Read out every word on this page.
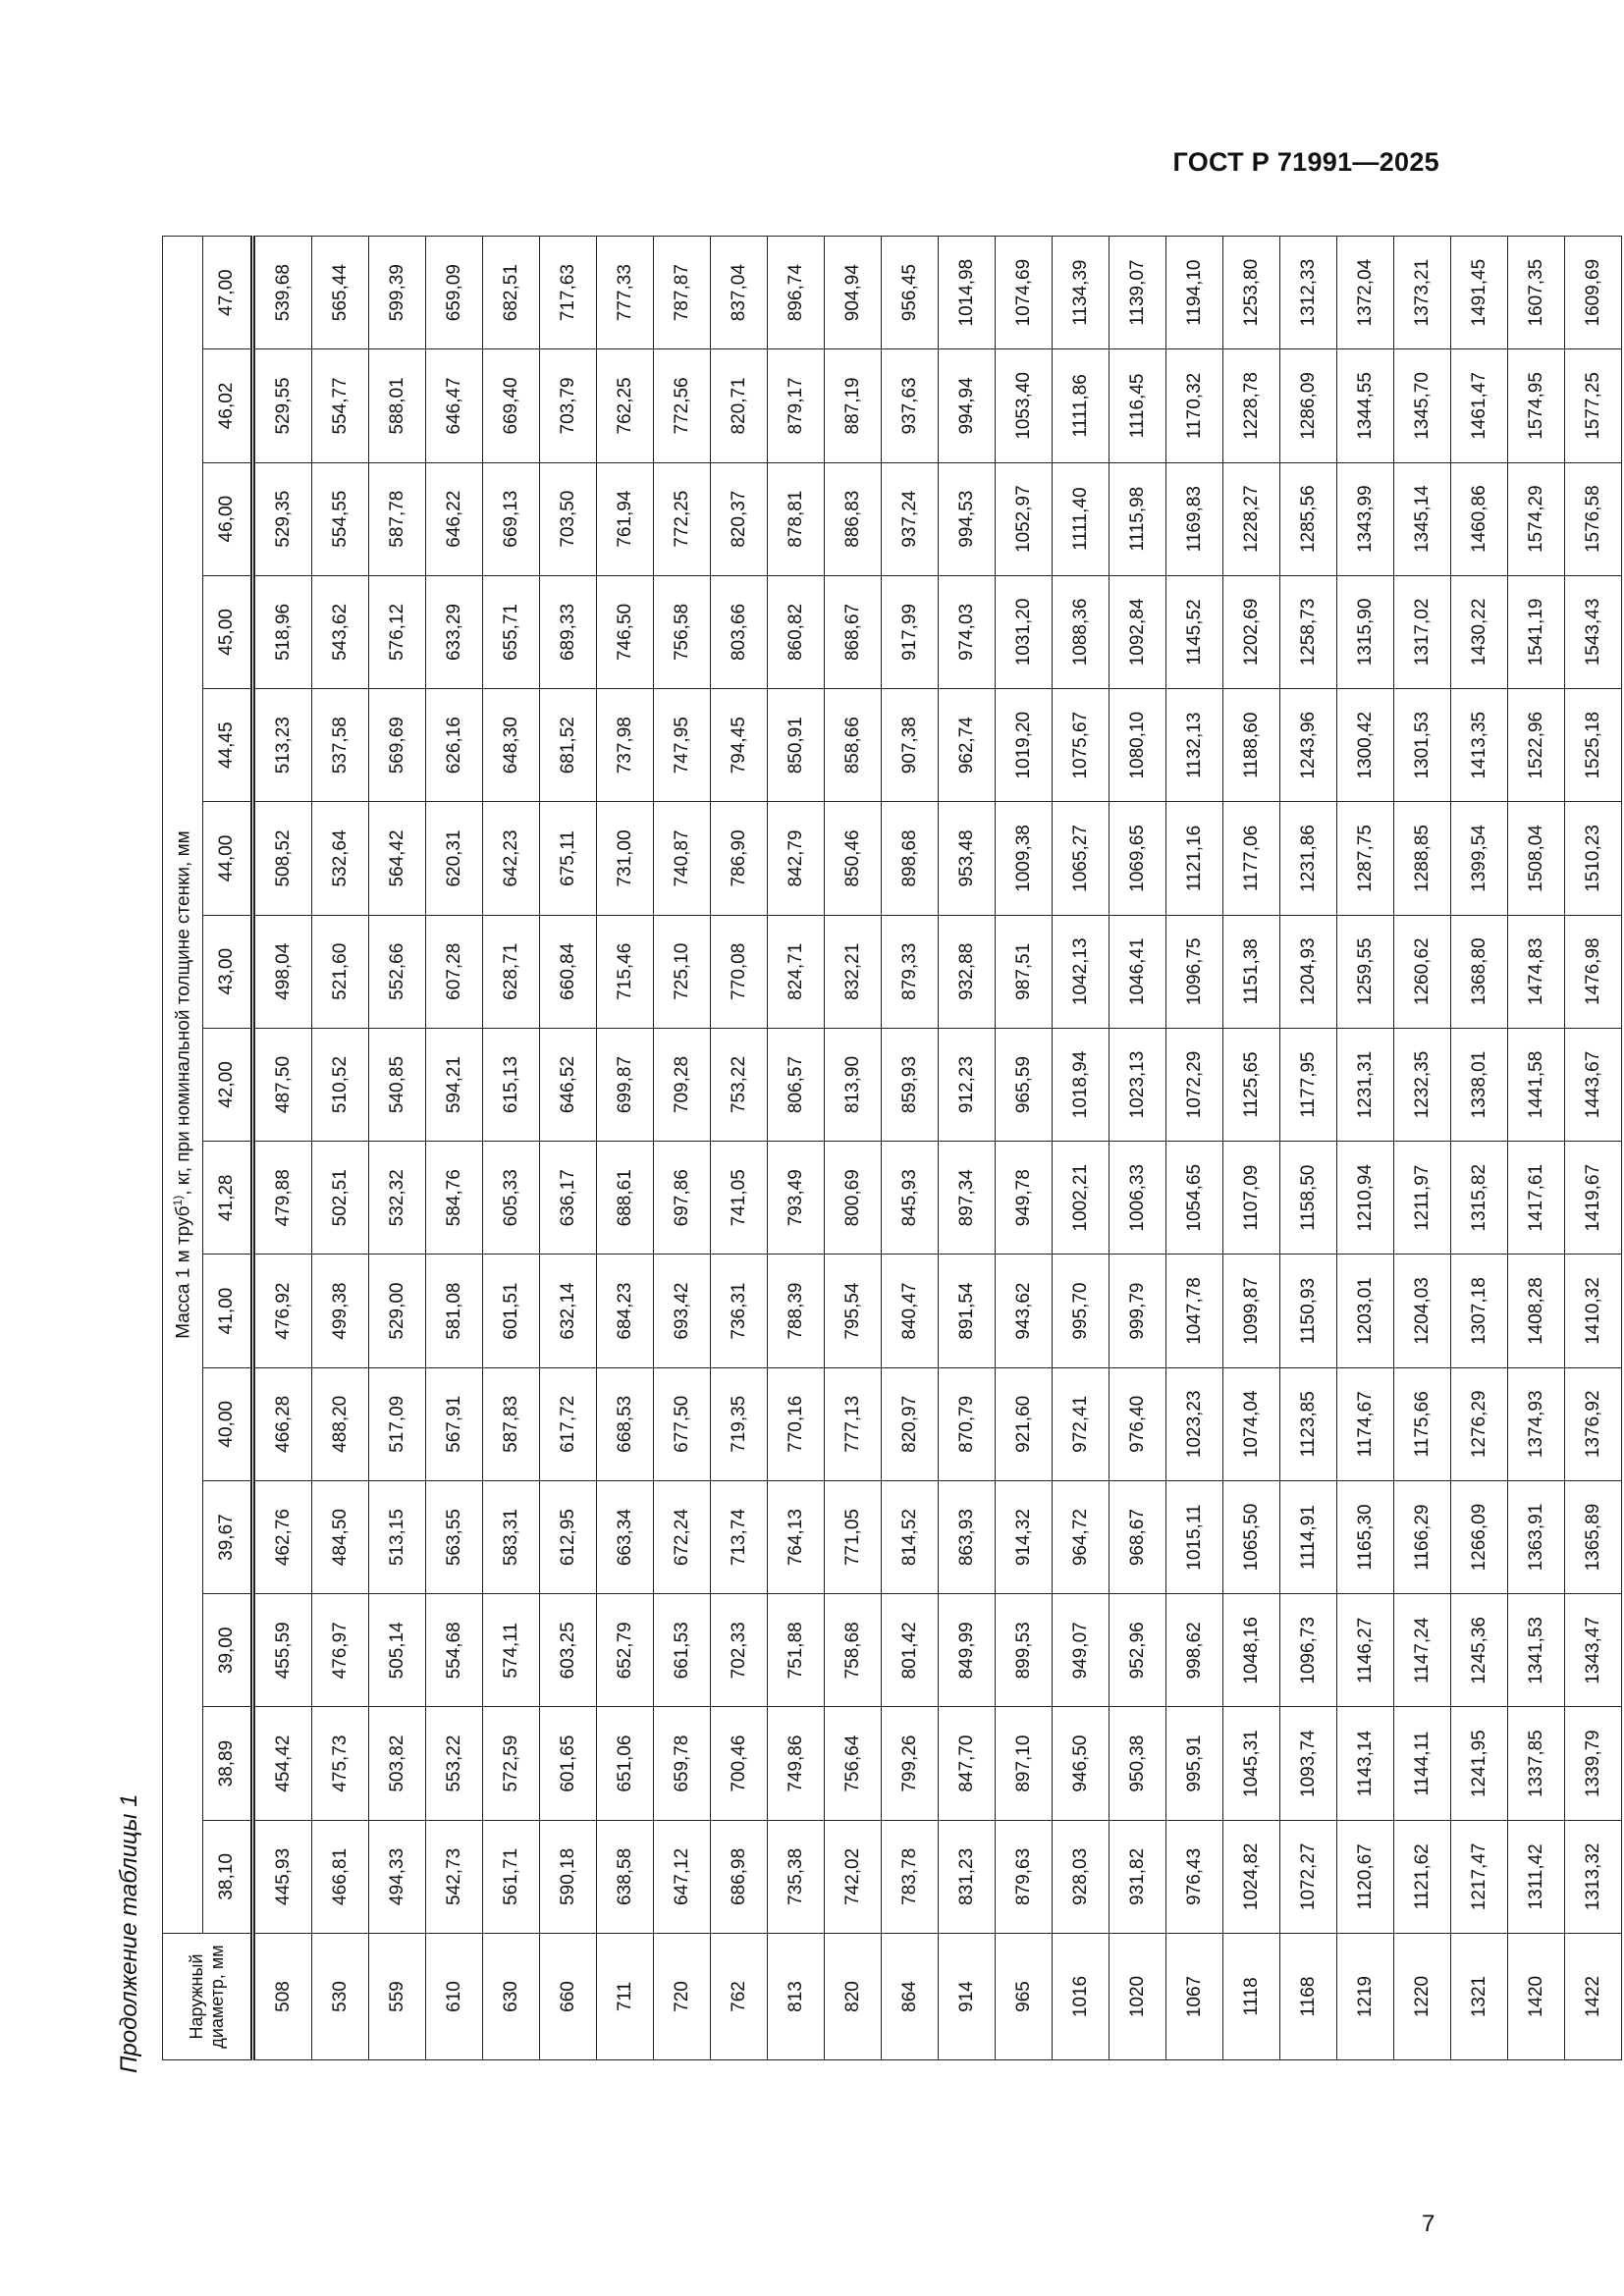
ГОСТ Р 71991—2025
Продолжение таблицы 1 Наружный диаметр, мм	Масса 1 м труб$^{1)}$, кг, при номинальной толщине стенки, мм														
	38,10	38,89	39,00	39,67	40,00	41,00	41,28	42,00	43,00	44,00	44,45	45,00	46,00	46,02	47,00
508	445,93	454,42	455,59	462,76	466,28	476,92	479,88	487,50	498,04	508,52	513,23	518,96	529,35	529,55	539,68
530	466,81	475,73	476,97	484,50	488,20	499,38	502,51	510,52	521,60	532,64	537,58	543,62	554,55	554,77	565,44
559	494,33	503,82	505,14	513,15	517,09	529,00	532,32	540,85	552,66	564,42	569,69	576,12	587,78	588,01	599,39
610	542,73	553,22	554,68	563,55	567,91	581,08	584,76	594,21	607,28	620,31	626,16	633,29	646,22	646,47	659,09
630	561,71	572,59	574,11	583,31	587,83	601,51	605,33	615,13	628,71	642,23	648,30	655,71	669,13	669,40	682,51
660	590,18	601,65	603,25	612,95	617,72	632,14	636,17	646,52	660,84	675,11	681,52	689,33	703,50	703,79	717,63
711	638,58	651,06	652,79	663,34	668,53	684,23	688,61	699,87	715,46	731,00	737,98	746,50	761,94	762,25	777,33
720	647,12	659,78	661,53	672,24	677,50	693,42	697,86	709,28	725,10	740,87	747,95	756,58	772,25	772,56	787,87
762	686,98	700,46	702,33	713,74	719,35	736,31	741,05	753,22	770,08	786,90	794,45	803,66	820,37	820,71	837,04
813	735,38	749,86	751,88	764,13	770,16	788,39	793,49	806,57	824,71	842,79	850,91	860,82	878,81	879,17	896,74
820	742,02	756,64	758,68	771,05	777,13	795,54	800,69	813,90	832,21	850,46	858,66	868,67	886,83	887,19	904,94
864	783,78	799,26	801,42	814,52	820,97	840,47	845,93	859,93	879,33	898,68	907,38	917,99	937,24	937,63	956,45
914	831,23	847,70	849,99	863,93	870,79	891,54	897,34	912,23	932,88	953,48	962,74	974,03	994,53	994,94	1014,98
965	879,63	897,10	899,53	914,32	921,60	943,62	949,78	965,59	987,51	1009,38	1019,20	1031,20	1052,97	1053,40	1074,69
1016	928,03	946,50	949,07	964,72	972,41	995,70	1002,21	1018,94	1042,13	1065,27	1075,67	1088,36	1111,40	1111,86	1134,39
1020	931,82	950,38	952,96	968,67	976,40	999,79	1006,33	1023,13	1046,41	1069,65	1080,10	1092,84	1115,98	1116,45	1139,07
1067	976,43	995,91	998,62	1015,11	1023,23	1047,78	1054,65	1072,29	1096,75	1121,16	1132,13	1145,52	1169,83	1170,32	1194,10
1118	1024,82	1045,31	1048,16	1065,50	1074,04	1099,87	1107,09	1125,65	1151,38	1177,06	1188,60	1202,69	1228,27	1228,78	1253,80
1168	1072,27	1093,74	1096,73	1114,91	1123,85	1150,93	1158,50	1177,95	1204,93	1231,86	1243,96	1258,73	1285,56	1286,09	1312,33
1219	1120,67	1143,14	1146,27	1165,30	1174,67	1203,01	1210,94	1231,31	1259,55	1287,75	1300,42	1315,90	1343,99	1344,55	1372,04
1220	1121,62	1144,11	1147,24	1166,29	1175,66	1204,03	1211,97	1232,35	1260,62	1288,85	1301,53	1317,02	1345,14	1345,70	1373,21
1321	1217,47	1241,95	1245,36	1266,09	1276,29	1307,18	1315,82	1338,01	1368,80	1399,54	1413,35	1430,22	1460,86	1461,47	1491,45
1420	1311,42	1337,85	1341,53	1363,91	1374,93	1408,28	1417,61	1441,58	1474,83	1508,04	1522,96	1541,19	1574,29	1574,95	1607,35
1422	1313,32	1339,79	1343,47	1365,89	1376,92	1410,32	1419,67	1443,67	1476,98	1510,23	1525,18	1543,43	1576,58	1577,25	1609,69
7
